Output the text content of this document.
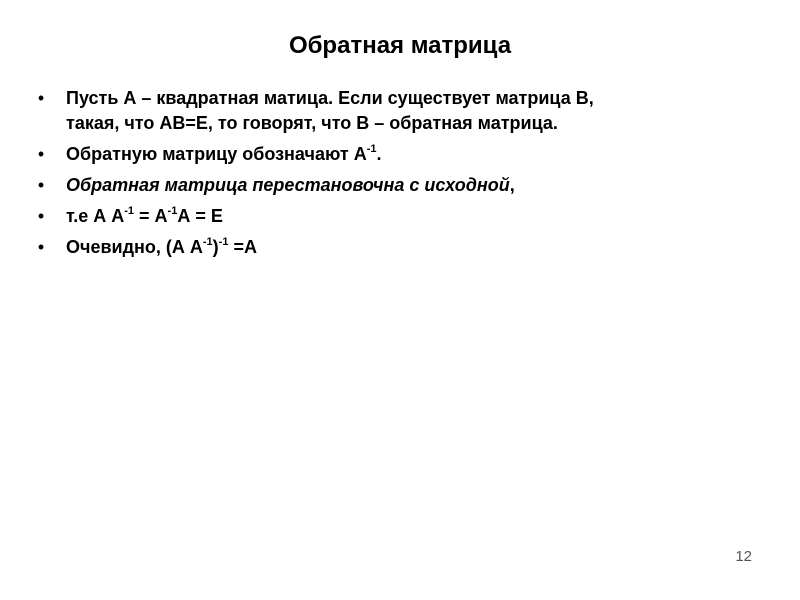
Обратная матрица
• Пусть А – квадратная матица. Если существует матрица В,
такая, что АВ=Е, то говорят, что В – обратная матрица.
• Обратную матрицу обозначают $А^{-1}$.
• Обратная матрица перестановочна с исходной,
• т.е А $А^{-1} = А^{-1}А = Е$
• Очевидно, (А $А^{-1})^{-1} =А$
12
